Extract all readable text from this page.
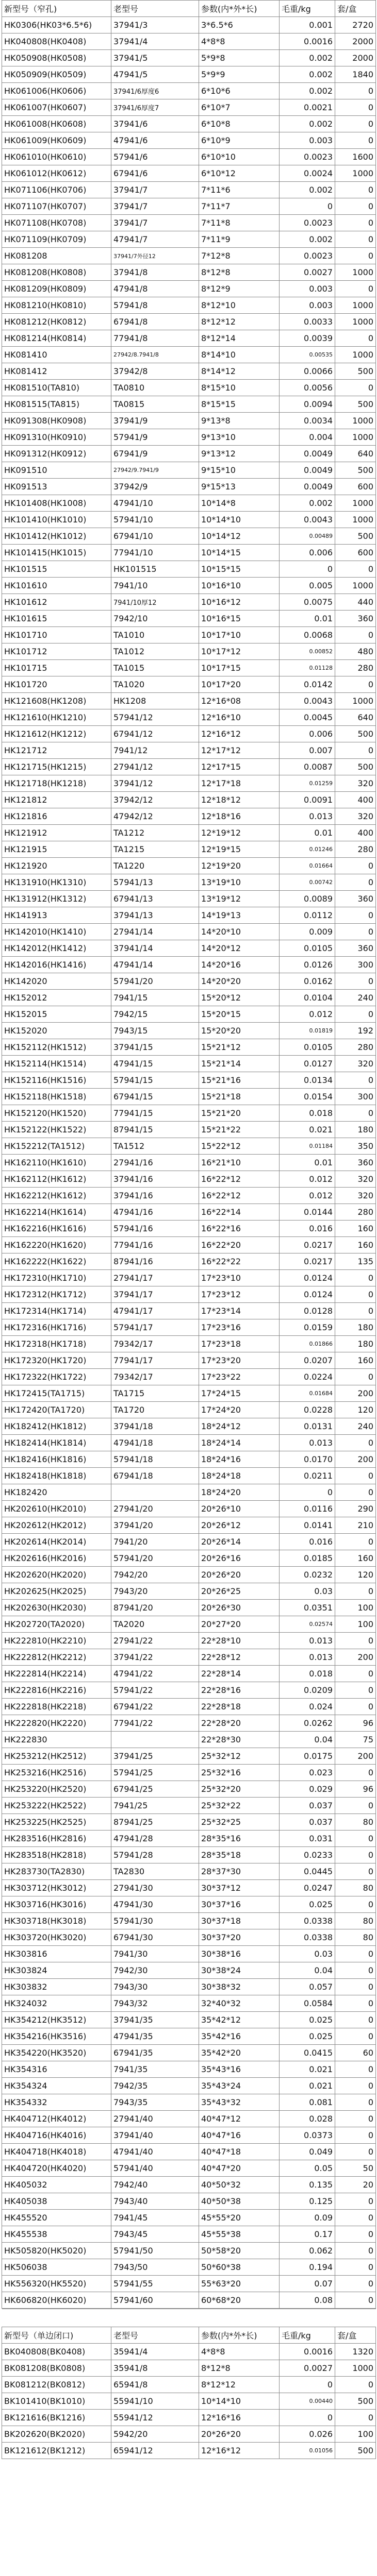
新型号（窄孔)	老型号	参数(内*外*长)	毛重/kg	套/盒
HK0306(HK03*6.5*6)	37941/3	3*6.5*6	0.001	2720
HK040808(HK0408)	37941/4	4*8*8	0.0016	2000
HK050908(HK0508)	37941/5	5*9*8	0.002	2000
HK050909(HK0509)	47941/5	5*9*9	0.002	1840
HK061006(HK0606)	37941/6厚度6	6*10*6	0.002	0
HK061007(HK0607)	37941/6厚度7	6*10*7	0.0021	0
HK061008(HK0608)	37941/6	6*10*8	0.002	0
HK061009(HK0609)	47941/6	6*10*9	0.003	0
HK061010(HK0610)	57941/6	6*10*10	0.0023	1600
HK061012(HK0612)	67941/6	6*10*12	0.0024	1000
HK071106(HK0706)	37941/7	7*11*6	0.002	0
HK071107(HK0707)	37941/7	7*11*7	0	0
HK071108(HK0708)	37941/7	7*11*8	0.0023	0
HK071109(HK0709)	47941/7	7*11*9	0.002	0
HK081208	37941/7外径12	7*12*8	0.0023	0
HK081208(HK0808)	37941/8	8*12*8	0.0027	1000
HK081209(HK0809)	47941/8	8*12*9	0.003	0
HK081210(HK0810)	57941/8	8*12*10	0.003	1000
HK081212(HK0812)	67941/8	8*12*12	0.0033	1000
HK081214(HK0814)	77941/8	8*12*14	0.0039	0
HK081410	27942/8.7941/8	8*14*10	0.00535	1000
HK081412	37942/8	8*14*12	0.0066	500
HK081510(TA810)	TA0810	8*15*10	0.0056	0
HK081515(TA815)	TA0815	8*15*15	0.0094	500
HK091308(HK0908)	37941/9	9*13*8	0.0034	1000
HK091310(HK0910)	57941/9	9*13*10	0.004	1000
HK091312(HK0912)	67941/9	9*13*12	0.0049	640
HK091510	27942/9.7941/9	9*15*10	0.0049	500
HK091513	37942/9	9*15*13	0.0049	600
HK101408(HK1008)	47941/10	10*14*8	0.002	1000
HK101410(HK1010)	57941/10	10*14*10	0.0043	1000
HK101412(HK1012)	67941/10	10*14*12	0.00489	500
HK101415(HK1015)	77941/10	10*14*15	0.006	600
HK101515	HK101515	10*15*15	0	0
HK101610	7941/10	10*16*10	0.005	1000
HK101612	7941/10厚12	10*16*12	0.0075	440
HK101615	7942/10	10*16*15	0.01	360
HK101710	TA1010	10*17*10	0.0068	0
HK101712	TA1012	10*17*12	0.00852	480
HK101715	TA1015	10*17*15	0.01128	280
HK101720	TA1020	10*17*20	0.0142	0
HK121608(HK1208)	HK1208	12*16*08	0.0043	1000
HK121610(HK1210)	57941/12	12*16*10	0.0045	640
HK121612(HK1212)	67941/12	12*16*12	0.006	500
HK121712	7941/12	12*17*12	0.007	0
HK121715(HK1215)	27941/12	12*17*15	0.0087	500
HK121718(HK1218)	37941/12	12*17*18	0.01259	320
HK121812	37942/12	12*18*12	0.0091	400
HK121816	47942/12	12*18*16	0.013	320
HK121912	TA1212	12*19*12	0.01	400
HK121915	TA1215	12*19*15	0.01246	280
HK121920	TA1220	12*19*20	0.01664	0
HK131910(HK1310)	57941/13	13*19*10	0.00742	0
HK131912(HK1312)	67941/13	13*19*12	0.0089	360
HK141913	37941/13	14*19*13	0.0112	0
HK142010(HK1410)	27941/14	14*20*10	0.009	0
HK142012(HK1412)	37941/14	14*20*12	0.0105	360
HK142016(HK1416)	47941/14	14*20*16	0.0126	300
HK142020	57941/20	14*20*20	0.0162	0
HK152012	7941/15	15*20*12	0.0104	240
HK152015	7942/15	15*20*15	0.012	0
HK152020	7943/15	15*20*20	0.01819	192
HK152112(HK1512)	37941/15	15*21*12	0.0105	280
HK152114(HK1514)	47941/15	15*21*14	0.0127	320
HK152116(HK1516)	57941/15	15*21*16	0.0134	0
HK152118(HK1518)	67941/15	15*21*18	0.0154	300
HK152120(HK1520)	77941/15	15*21*20	0.018	0
HK152122(HK1522)	87941/15	15*21*22	0.021	180
HK152212(TA1512)	TA1512	15*22*12	0.01184	350
HK162110(HK1610)	27941/16	16*21*10	0.01	360
HK162112(HK1612)	37941/16	16*22*12	0.012	320
HK162212(HK1612)	37941/16	16*22*12	0.012	320
HK162214(HK1614)	47941/16	16*22*14	0.0144	280
HK162216(HK1616)	57941/16	16*22*16	0.016	160
HK162220(HK1620)	77941/16	16*22*20	0.0217	160
HK162222(HK1622)	87941/16	16*22*22	0.0217	135
HK172310(HK1710)	27941/17	17*23*10	0.0124	0
HK172312(HK1712)	37941/17	17*23*12	0.0124	0
HK172314(HK1714)	47941/17	17*23*14	0.0128	0
HK172316(HK1716)	57941/17	17*23*16	0.0159	180
HK172318(HK1718)	79342/17	17*23*18	0.01866	180
HK172320(HK1720)	77941/17	17*23*20	0.0207	160
HK172322(HK1722)	79342/17	17*23*22	0.0224	0
HK172415(TA1715)	TA1715	17*24*15	0.01684	200
HK172420(TA1720)	TA1720	17*24*20	0.0228	120
HK182412(HK1812)	37941/18	18*24*12	0.0131	240
HK182414(HK1814)	47941/18	18*24*14	0.013	0
HK182416(HK1816)	57941/18	18*24*16	0.0170	200
HK182418(HK1818)	67941/18	18*24*18	0.0211	0
HK182420		18*24*20	0	0
HK202610(HK2010)	27941/20	20*26*10	0.0116	290
HK202612(HK2012)	37941/20	20*26*12	0.0141	210
HK202614(HK2014)	7941/20	20*26*14	0.016	0
HK202616(HK2016)	57941/20	20*26*16	0.0185	160
HK202620(HK2020)	7942/20	20*26*20	0.0232	120
HK202625(HK2025)	7943/20	20*26*25	0.03	0
HK202630(HK2030)	87941/20	20*26*30	0.0351	100
HK202720(TA2020)	TA2020	20*27*20	0.02574	100
HK222810(HK2210)	27941/22	22*28*10	0.013	0
HK222812(HK2212)	37941/22	22*28*12	0.013	200
HK222814(HK2214)	47941/22	22*28*14	0.018	0
HK222816(HK2216)	57941/22	22*28*16	0.0209	0
HK222818(HK2218)	67941/22	22*28*18	0.024	0
HK222820(HK2220)	77941/22	22*28*20	0.0262	96
HK222830		22*28*30	0.04	75
HK253212(HK2512)	37941/25	25*32*12	0.0175	200
HK253216(HK2516)	57941/25	25*32*16	0.023	0
HK253220(HK2520)	67941/25	25*32*20	0.029	96
HK253222(HK2522)	7941/25	25*32*22	0.037	0
HK253225(HK2525)	87941/25	25*32*25	0.037	80
HK283516(HK2816)	47941/28	28*35*16	0.031	0
HK283518(HK2818)	57941/28	28*35*18	0.0233	0
HK283730(TA2830)	TA2830	28*37*30	0.0445	0
HK303712(HK3012)	27941/30	30*37*12	0.0247	80
HK303716(HK3016)	47941/30	30*37*16	0.025	0
HK303718(HK3018)	57941/30	30*37*18	0.0338	80
HK303720(HK3020)	67941/30	30*37*20	0.0338	80
HK303816	7941/30	30*38*16	0.03	0
HK303824	7942/30	30*38*24	0.04	0
HK303832	7943/30	30*38*32	0.057	0
HK324032	7943/32	32*40*32	0.0584	0
HK354212(HK3512)	37941/35	35*42*12	0.025	0
HK354216(HK3516)	47941/35	35*42*16	0.025	0
HK354220(HK3520)	67941/35	35*42*20	0.0415	60
HK354316	7941/35	35*43*16	0.021	0
HK354324	7942/35	35*43*24	0.021	0
HK354332	7943/35	35*43*32	0.081	0
HK404712(HK4012)	27941/40	40*47*12	0.028	0
HK404716(HK4016)	37941/40	40*47*16	0.0373	0
HK404718(HK4018)	47941/40	40*47*18	0.049	0
HK404720(HK4020)	57941/40	40*47*20	0.05	50
HK405032	7942/40	40*50*32	0.135	20
HK405038	7943/40	40*50*38	0.125	0
HK455520	7941/45	45*55*20	0.09	0
HK455538	7943/45	45*55*38	0.17	0
HK505820(HK5020)	57941/50	50*58*20	0.062	0
HK506038	7943/50	50*60*38	0.194	0
HK556320(HK5520)	57941/55	55*63*20	0.07	0
HK606820(HK6020)	57941/60	60*68*20	0.08	0

新型号（单边闭口)	老型号	参数(内*外*长)	毛重/kg	套/盒
BK040808(BK0408)	35941/4	4*8*8	0.0016	1320
BK081208(BK0808)	35941/8	8*12*8	0.0027	1000
BK081212(BK0812)	65941/8	8*12*12	0	0
BK101410(BK1010)	55941/10	10*14*10	0.00440	500
BK121616(BK1216)	55941/12	12*16*16	0	0
BK202620(BK2020)	5942/20	20*26*20	0.026	100
BK121612(BK1212)	65941/12	12*16*12	0.01056	500
